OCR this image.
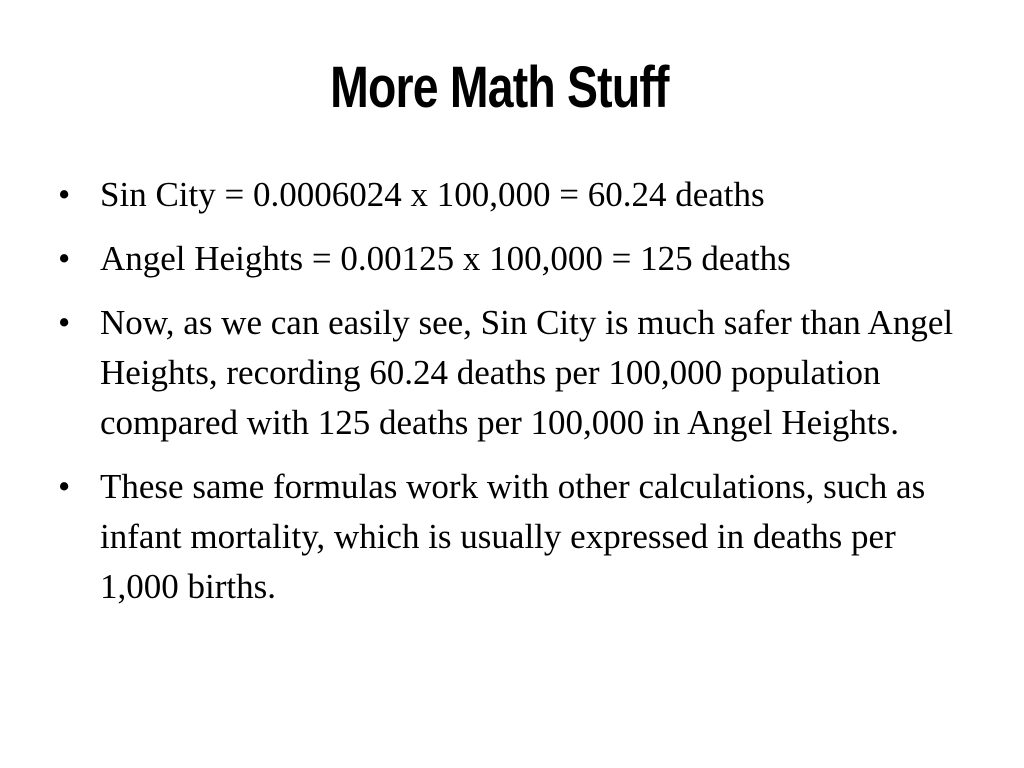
More Math Stuff
• Sin City = 0.0006024 x 100,000 = 60.24 deaths
• Angel Heights = 0.00125 x 100,000 = 125 deaths
• Now, as we can easily see, Sin City is much safer than Angel Heights, recording 60.24 deaths per 100,000 population compared with 125 deaths per 100,000 in Angel Heights.
• These same formulas work with other calculations, such as infant mortality, which is usually expressed in deaths per 1,000 births.
